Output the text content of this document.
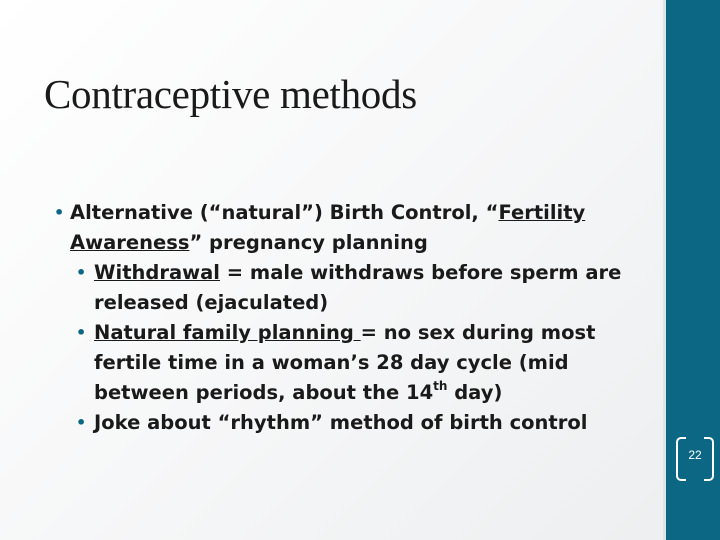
Contraceptive methods
• Alternative (“natural”) Birth Control, “Fertility Awareness” pregnancy planning
• Withdrawal = male withdraws before sperm are released (ejaculated)
• Natural family planning = no sex during most fertile time in a woman’s 28 day cycle (mid between periods, about the 14th day)
• Joke about “rhythm” method of birth control
22
